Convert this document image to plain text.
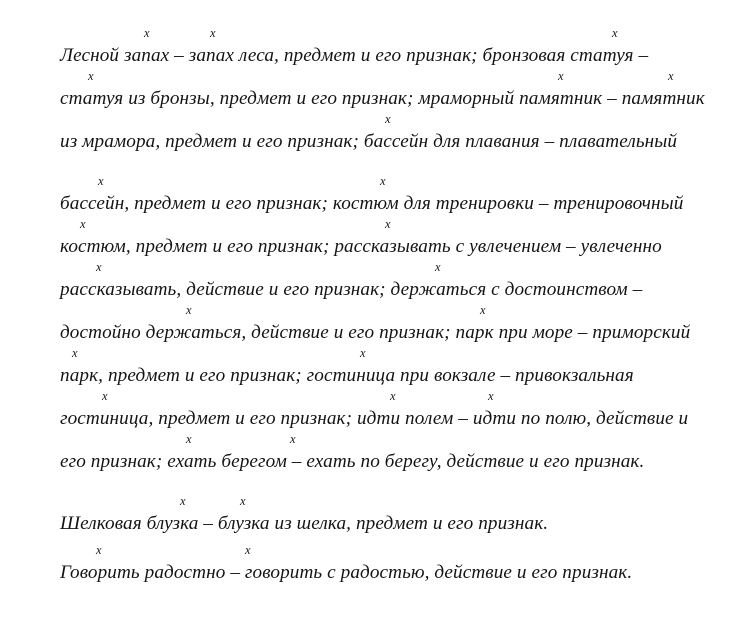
x	x	x
Лесной запах – запах леса, предмет и его признак; бронзовая статуя –
x	x	x
статуя из бронзы, предмет и его признак; мраморный памятник – памятник
x
из мрамора, предмет и его признак; бассейн для плавания – плавательный
x	x
бассейн, предмет и его признак; костюм для тренировки – тренировочный
x	x
костюм, предмет и его признак; рассказывать с увлечением – увлеченно
x	x
рассказывать, действие и его признак; держаться с достоинством –
x	x
достойно держаться, действие и его признак; парк при море – приморский
x	x
парк, предмет и его признак; гостиница при вокзале – привокзальная
x	x	x
гостиница, предмет и его признак; идти полем – идти по полю, действие и
x	x
его признак; ехать берегом – ехать по берегу, действие и его признак.
x	x
Шелковая блузка – блузка из шелка, предмет и его признак.
x	x
Говорить радостно – говорить с радостью, действие и его признак.
